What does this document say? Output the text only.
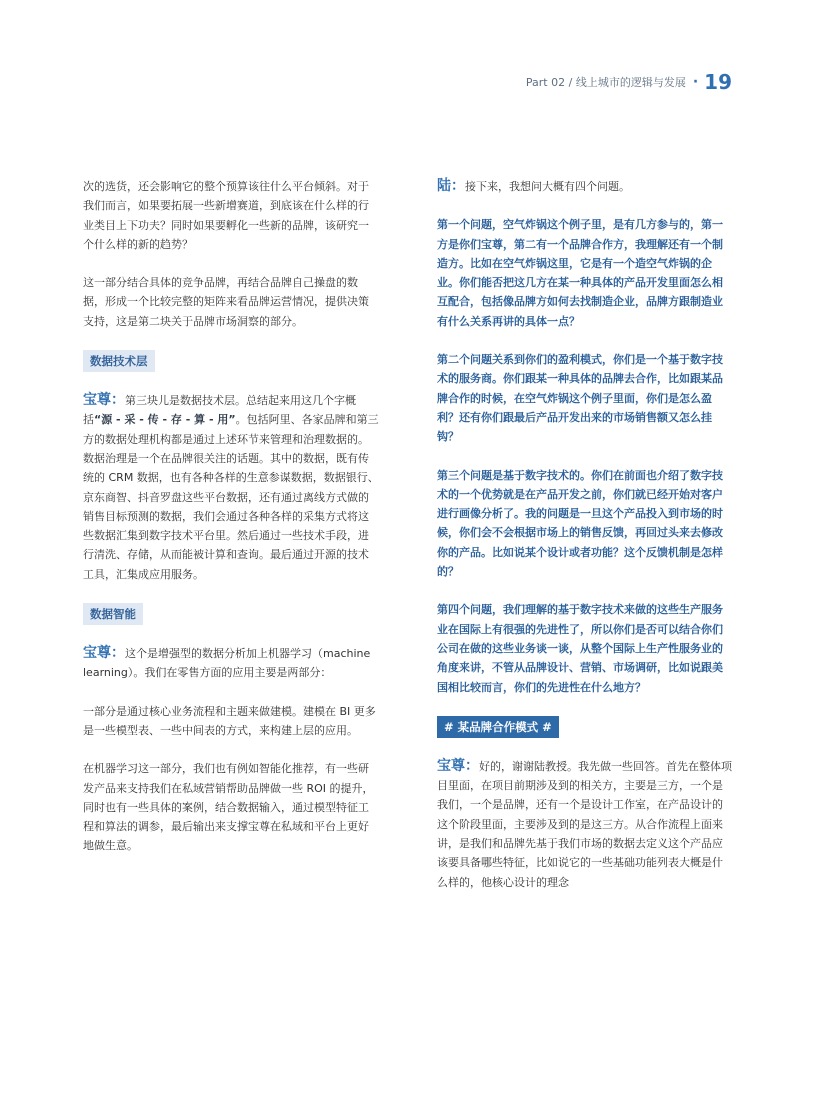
Part 02 / 线上城市的逻辑与发展 · 19

次的选货，还会影响它的整个预算该往什么平台倾斜。对于我们而言，如果要拓展一些新增赛道，到底该在什么样的行业类目上下功夫？同时如果要孵化一些新的品牌，该研究一个什么样的新的趋势？

这一部分结合具体的竞争品牌，再结合品牌自己操盘的数据，形成一个比较完整的矩阵来看品牌运营情况，提供决策支持，这是第二块关于品牌市场洞察的部分。

数据技术层

宝尊：第三块儿是数据技术层。总结起来用这几个字概括“源 - 采 - 传 - 存 - 算 - 用”。包括阿里、各家品牌和第三方的数据处理机构都是通过上述环节来管理和治理数据的。数据治理是一个在品牌很关注的话题。其中的数据，既有传统的 CRM 数据，也有各种各样的生意参谋数据，数据银行、京东商智、抖音罗盘这些平台数据，还有通过离线方式做的销售目标预测的数据，我们会通过各种各样的采集方式将这些数据汇集到数字技术平台里。然后通过一些技术手段，进行清洗、存储，从而能被计算和查询。最后通过开源的技术工具，汇集成应用服务。

数据智能

宝尊：这个是增强型的数据分析加上机器学习（machine learning）。我们在零售方面的应用主要是两部分：

一部分是通过核心业务流程和主题来做建模。建模在 BI 更多是一些模型表、一些中间表的方式，来构建上层的应用。

在机器学习这一部分，我们也有例如智能化推荐，有一些研发产品来支持我们在私域营销帮助品牌做一些 ROI 的提升，同时也有一些具体的案例，结合数据输入，通过模型特征工程和算法的调参，最后输出来支撑宝尊在私域和平台上更好地做生意。

陆：接下来，我想问大概有四个问题。

第一个问题，空气炸锅这个例子里，是有几方参与的，第一方是你们宝尊，第二有一个品牌合作方，我理解还有一个制造方。比如在空气炸锅这里，它是有一个造空气炸锅的企业。你们能否把这几方在某一种具体的产品开发里面怎么相互配合，包括像品牌方如何去找制造企业，品牌方跟制造业有什么关系再讲的具体一点？

第二个问题关系到你们的盈利模式，你们是一个基于数字技术的服务商。你们跟某一种具体的品牌去合作，比如跟某品牌合作的时候，在空气炸锅这个例子里面，你们是怎么盈利？还有你们跟最后产品开发出来的市场销售额又怎么挂钩？

第三个问题是基于数字技术的。你们在前面也介绍了数字技术的一个优势就是在产品开发之前，你们就已经开始对客户进行画像分析了。我的问题是一旦这个产品投入到市场的时候，你们会不会根据市场上的销售反馈，再回过头来去修改你的产品。比如说某个设计或者功能？这个反馈机制是怎样的？

第四个问题，我们理解的基于数字技术来做的这些生产服务业在国际上有很强的先进性了，所以你们是否可以结合你们公司在做的这些业务谈一谈，从整个国际上生产性服务业的角度来讲，不管从品牌设计、营销、市场调研，比如说跟美国相比较而言，你们的先进性在什么地方？

# 某品牌合作模式 #

宝尊：好的，谢谢陆教授。我先做一些回答。首先在整体项目里面，在项目前期涉及到的相关方，主要是三方，一个是我们，一个是品牌，还有一个是设计工作室，在产品设计的这个阶段里面，主要涉及到的是这三方。从合作流程上面来讲，是我们和品牌先基于我们市场的数据去定义这个产品应该要具备哪些特征，比如说它的一些基础功能列表大概是什么样的，他核心设计的理念
